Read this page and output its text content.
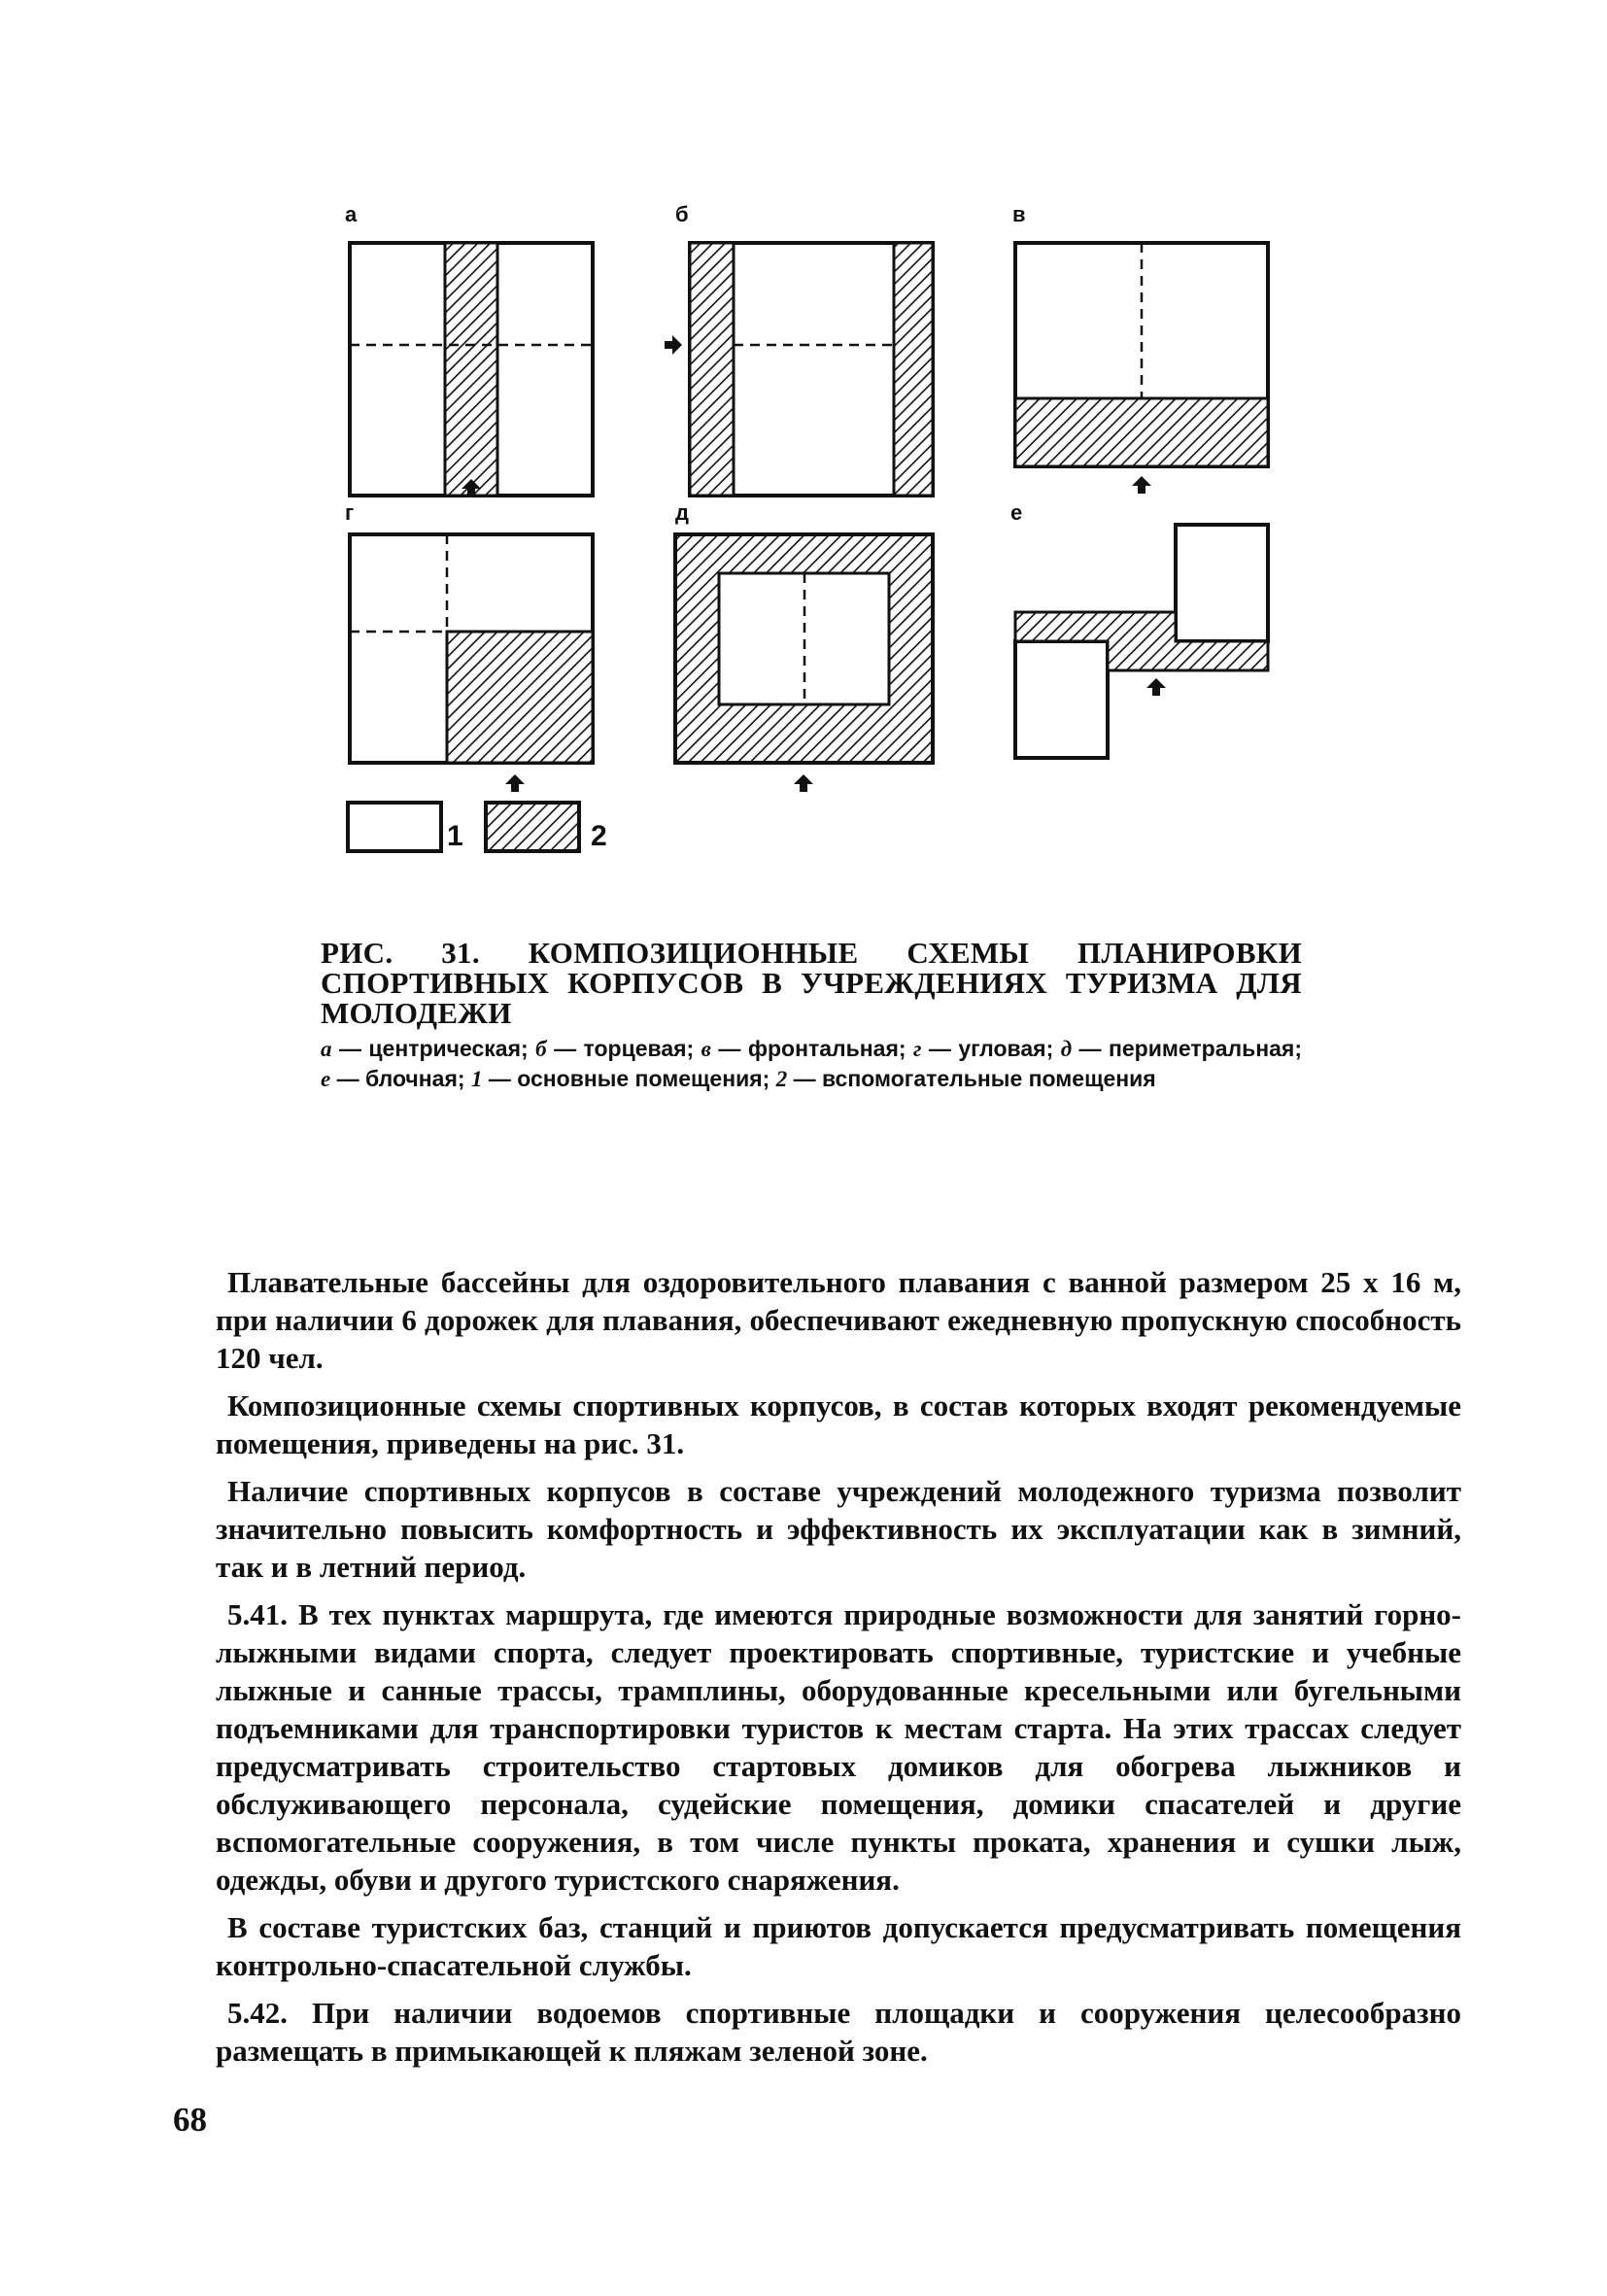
а	б	в
г	д	е
1	2

РИС. 31. КОМПОЗИЦИОННЫЕ СХЕМЫ ПЛАНИРОВКИ СПОРТИВНЫХ КОРПУСОВ В УЧРЕЖДЕНИЯХ ТУРИЗМА ДЛЯ МОЛОДЕЖИ

а — центрическая; б — торцевая; в — фронтальная; г — угловая; д — периметральная; е — блочная; 1 — основные помещения; 2 — вспомогательные помещения

Плавательные бассейны для оздоровительного плавания с ванной размером 25 х 16 м, при наличии 6 дорожек для плавания, обеспечивают ежедневную пропускную способность 120 чел.

Композиционные схемы спортивных корпусов, в состав которых входят рекомендуемые помещения, приведены на рис. 31.

Наличие спортивных корпусов в составе учреждений молодежного туризма позволит значительно повысить комфортность и эффективность их эксплуатации как в зимний, так и в летний период.

5.41. В тех пунктах маршрута, где имеются природные возможности для занятий горно-лыжными видами спорта, следует проектировать спортивные, туристские и учебные лыжные и санные трассы, трамплины, оборудованные кресельными или бугельными подъемниками для транспортировки туристов к местам старта. На этих трассах следует предусматривать строительство стартовых домиков для обогрева лыжников и обслуживающего персонала, судейские помещения, домики спасателей и другие вспомогательные сооружения, в том числе пункты проката, хранения и сушки лыж, одежды, обуви и другого туристского снаряжения.

В составе туристских баз, станций и приютов допускается предусматривать помещения контрольно-спасательной службы.

5.42. При наличии водоемов спортивные площадки и сооружения целесообразно размещать в примыкающей к пляжам зеленой зоне.

68
